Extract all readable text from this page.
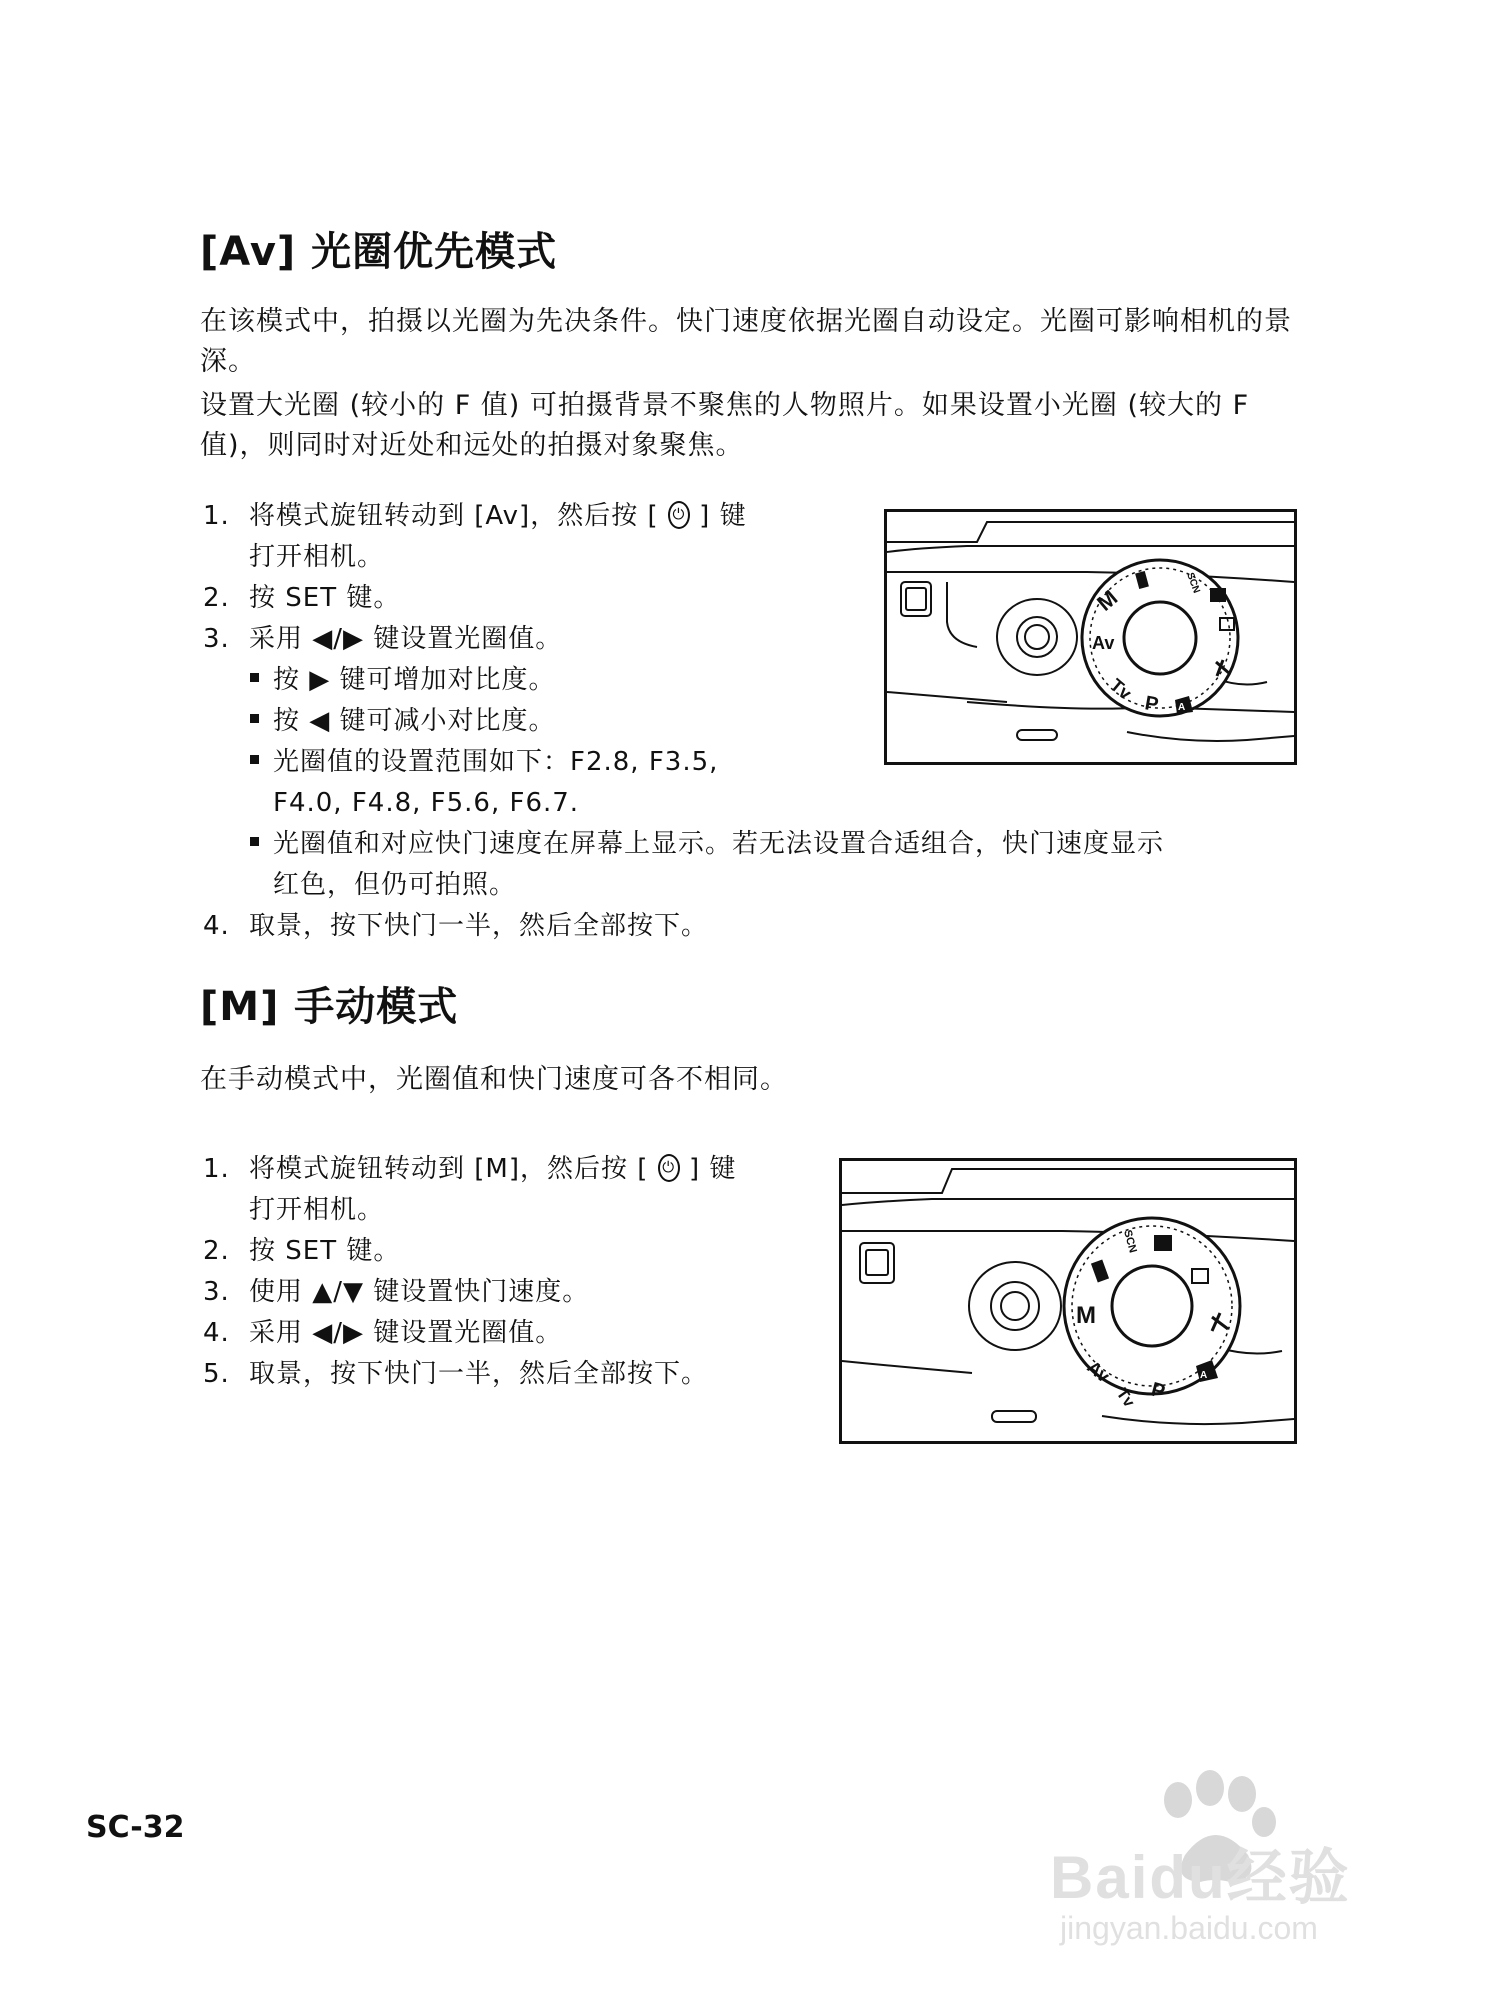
[Av] 光圈优先模式

在该模式中，拍摄以光圈为先决条件。快门速度依据光圈自动设定。光圈可影响相机的景深。

设置大光圈 (较小的 F 值) 可拍摄背景不聚焦的人物照片。如果设置小光圈 (较大的 F 值)，则同时对近处和远处的拍摄对象聚焦。

1. 将模式旋钮转动到 [Av]，然后按 [ ⏻ ] 键
打开相机。
2. 按 SET 键。
3. 采用 ◀/▶ 键设置光圈值。
按 ▶ 键可增加对比度。
按 ◀ 键可减小对比度。
光圈值的设置范围如下：F2.8, F3.5,
F4.0, F4.8, F5.6, F6.7.
光圈值和对应快门速度在屏幕上显示。若无法设置合适组合，快门速度显示
红色，但仍可拍照。
4. 取景，按下快门一半，然后全部按下。
M
Av
Tv
P A
SCN
[M] 手动模式

在手动模式中，光圈值和快门速度可各不相同。

1. 将模式旋钮转动到 [M]，然后按 [ ⏻ ] 键
打开相机。
2. 按 SET 键。
3. 使用 ▲/▼ 键设置快门速度。
4. 采用 ◀/▶ 键设置光圈值。
5. 取景，按下快门一半，然后全部按下。
M
Av
Tv P
A
SCN
SC-32
Baidu经验
jingyan.baidu.com
